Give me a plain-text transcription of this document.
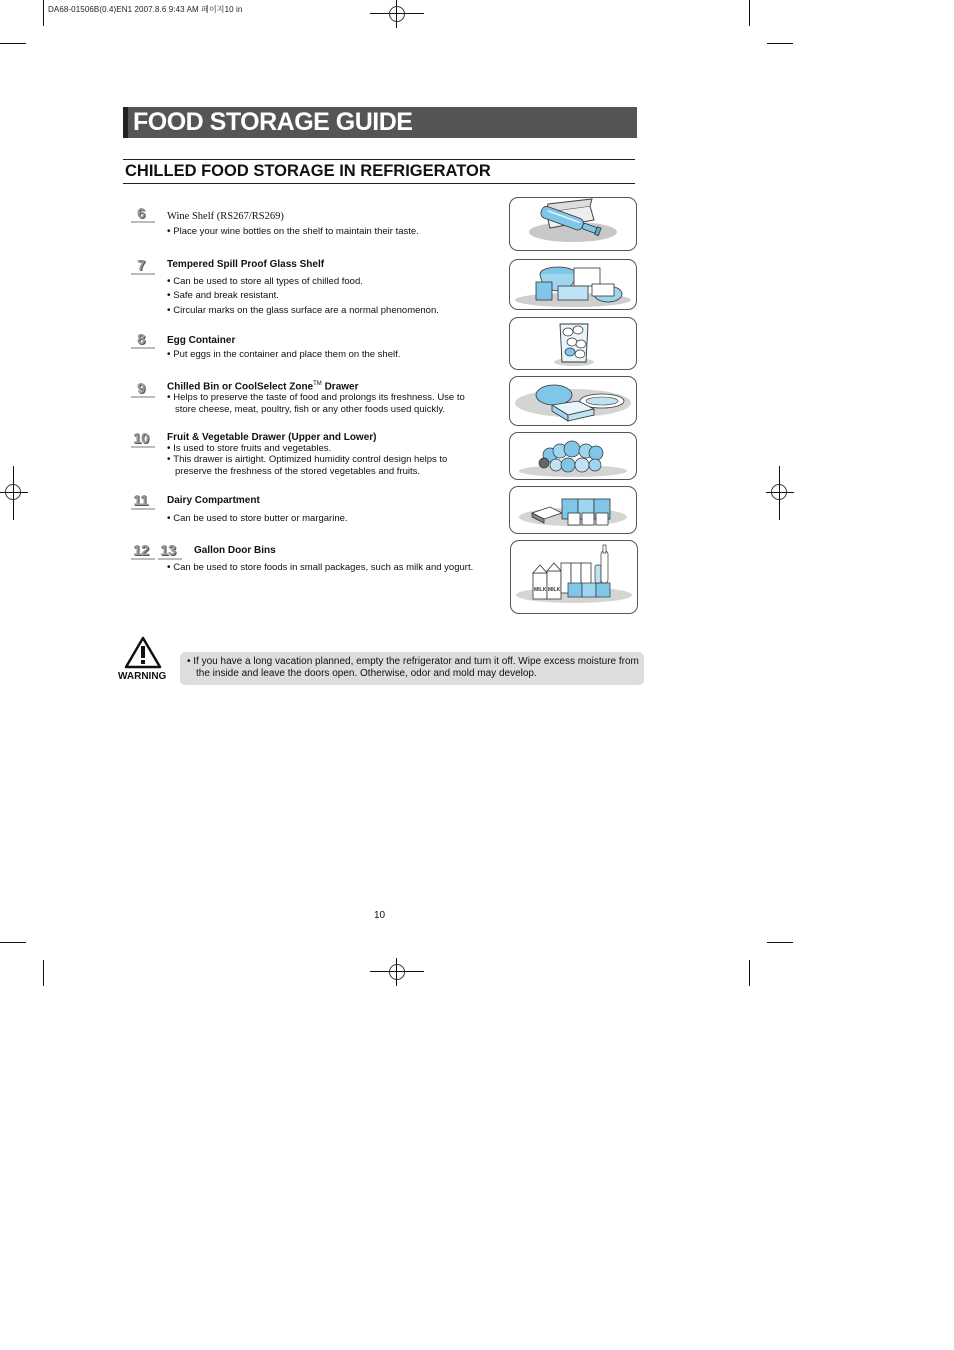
DA68-01506B(0.4)EN1 2007.8.6 9:43 AM 페이지10 in
FOOD STORAGE GUIDE
CHILLED FOOD STORAGE IN REFRIGERATOR
6 Wine Shelf (RS267/RS269)
• Place your wine bottles on the shelf to maintain their taste.
7 Tempered Spill Proof Glass Shelf
• Can be used to store all types of chilled food.
• Safe and break resistant.
• Circular marks on the glass surface are a normal phenomenon.
8 Egg Container
• Put eggs in the container and place them on the shelf.
9 Chilled Bin or CoolSelect Zone™ Drawer
• Helps to preserve the taste of food and prolongs its freshness. Use to store cheese, meat, poultry, fish or any other foods used quickly.
10 Fruit & Vegetable Drawer (Upper and Lower)
• Is used to store fruits and vegetables.
• This drawer is airtight. Optimized humidity control design helps to preserve the freshness of the stored vegetables and fruits.
11 Dairy Compartment
• Can be used to store butter or margarine.
12 13 Gallon Door Bins
• Can be used to store foods in small packages, such as milk and yogurt.
MILK MILK
WARNING
• If you have a long vacation planned, empty the refrigerator and turn it off. Wipe excess moisture from the inside and leave the doors open. Otherwise, odor and mold may develop.
10
